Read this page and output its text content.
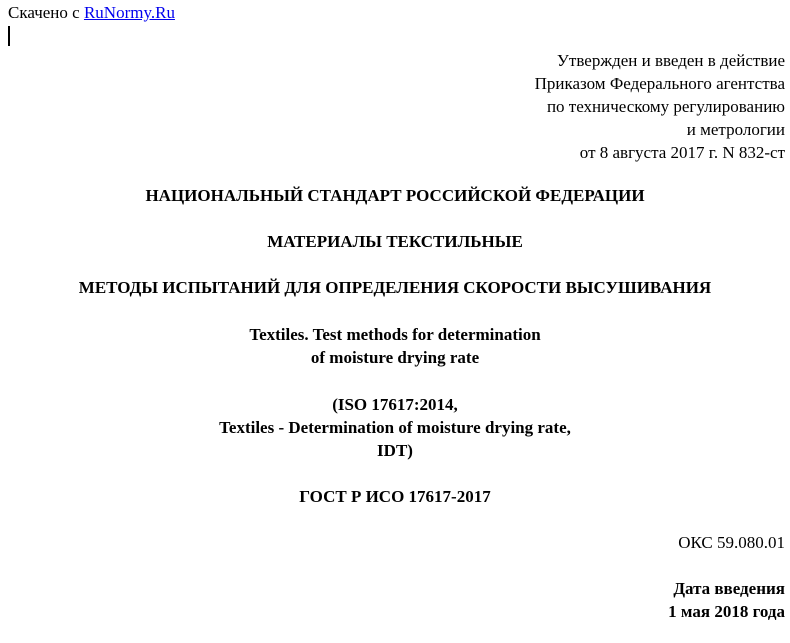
Скачено с RuNormy.Ru
Утвержден и введен в действие
Приказом Федерального агентства
по техническому регулированию
и метрологии
от 8 августа 2017 г. N 832-ст
НАЦИОНАЛЬНЫЙ СТАНДАРТ РОССИЙСКОЙ ФЕДЕРАЦИИ
МАТЕРИАЛЫ ТЕКСТИЛЬНЫЕ
МЕТОДЫ ИСПЫТАНИЙ ДЛЯ ОПРЕДЕЛЕНИЯ СКОРОСТИ ВЫСУШИВАНИЯ
Textiles. Test methods for determination
of moisture drying rate
(ISO 17617:2014,
Textiles - Determination of moisture drying rate,
IDT)
ГОСТ Р ИСО 17617-2017
ОКС 59.080.01
Дата введения
1 мая 2018 года
